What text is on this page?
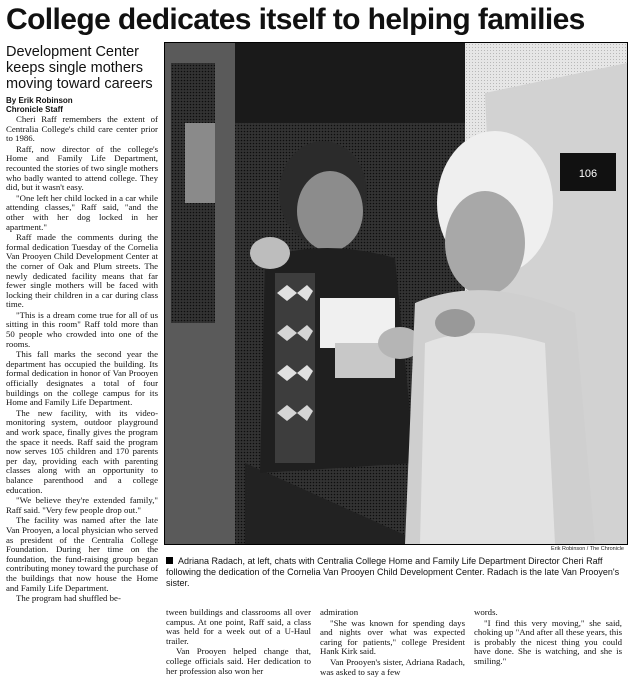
College dedicates itself to helping families
Development Center keeps single mothers moving toward careers
By Erik Robinson
Chronicle Staff

Cheri Raff remembers the extent of Centralia College's child care center prior to 1986.

Raff, now director of the college's Home and Family Life Department, recounted the stories of two single mothers who badly wanted to attend college. They did, but it wasn't easy.

"One left her child locked in a car while attending classes," Raff said, "and the other with her dog locked in her apartment."

Raff made the comments during the formal dedication Tuesday of the Cornelia Van Prooyen Child Development Center at the corner of Oak and Plum streets. The newly dedicated facility means that far fewer single mothers will be faced with locking their children in a car during class time.

"This is a dream come true for all of us sitting in this room" Raff told more than 50 people who crowded into one of the rooms.

This fall marks the second year the department has occupied the building. Its formal dedication in honor of Van Prooyen officially designates a total of four buildings on the college campus for its Home and Family Life Department.

The new facility, with its video-monitoring system, outdoor playground and work space, finally gives the program the space it needs. Raff said the program now serves 105 children and 170 parents per day, providing each with parenting classes along with an opportunity to balance parenthood and a college education.

"We believe they're extended family," Raff said. "Very few people drop out."

The facility was named after the late Van Prooyen, a local physician who served as president of the Centralia College Foundation. During her time on the foundation, the fund-raising group began contributing money toward the purchase of the buildings that now house the Home and Family Life Department.

The program had shuffled be-

106
Erik Robinson / The Chronicle
Adriana Radach, at left, chats with Centralia College Home and Family Life Department Director Cheri Raff following the dedication of the Cornelia Van Prooyen Child Development Center. Radach is the late Van Prooyen's sister.

tween buildings and classrooms all over campus. At one point, Raff said, a class was held for a week out of a U-Haul trailer.

Van Prooyen helped change that, college officials said. Her dedication to her profession also won her

admiration

"She was known for spending days and nights over what was expected caring for patients," college President Hank Kirk said.

Van Prooyen's sister, Adriana Radach, was asked to say a few

words.

"I find this very moving," she said, choking up "And after all these years, this is probably the nicest thing you could have done. She is watching, and she is smiling."
